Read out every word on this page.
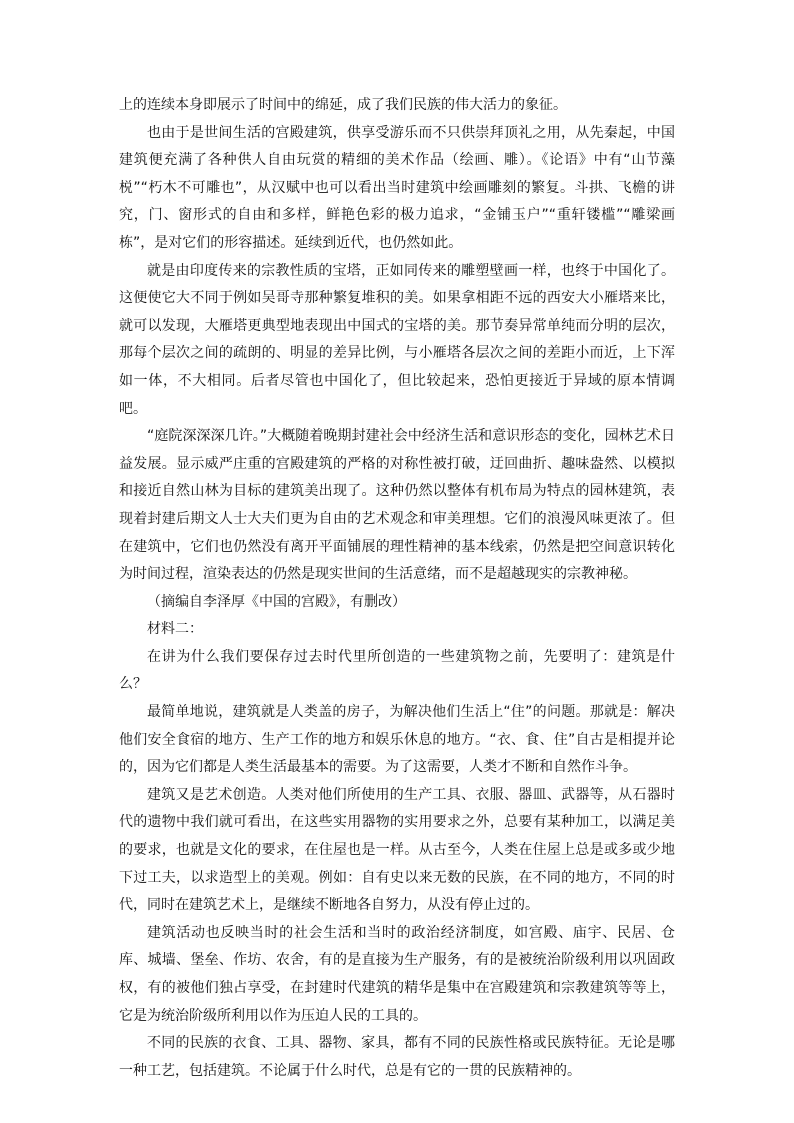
上的连续本身即展示了时间中的绵延，成了我们民族的伟大活力的象征。

也由于是世间生活的宫殿建筑，供享受游乐而不只供崇拜顶礼之用，从先秦起，中国建筑便充满了各种供人自由玩赏的精细的美术作品（绘画、雕）。《论语》中有“山节藻棁”“朽木不可雕也”，从汉赋中也可以看出当时建筑中绘画雕刻的繁复。斗拱、飞檐的讲究，门、窗形式的自由和多样，鲜艳色彩的极力追求，“金铺玉户”“重轩镂槛”“雕梁画栋”，是对它们的形容描述。延续到近代，也仍然如此。

就是由印度传来的宗教性质的宝塔，正如同传来的雕塑壁画一样，也终于中国化了。这便使它大不同于例如吴哥寺那种繁复堆积的美。如果拿相距不远的西安大小雁塔来比，就可以发现，大雁塔更典型地表现出中国式的宝塔的美。那节奏异常单纯而分明的层次，那每个层次之间的疏朗的、明显的差异比例，与小雁塔各层次之间的差距小而近，上下浑如一体，不大相同。后者尽管也中国化了，但比较起来，恐怕更接近于异域的原本情调吧。

“庭院深深深几许。”大概随着晚期封建社会中经济生活和意识形态的变化，园林艺术日益发展。显示威严庄重的宫殿建筑的严格的对称性被打破，迂回曲折、趣味盎然、以模拟和接近自然山林为目标的建筑美出现了。这种仍然以整体有机布局为特点的园林建筑，表现着封建后期文人士大夫们更为自由的艺术观念和审美理想。它们的浪漫风味更浓了。但在建筑中，它们也仍然没有离开平面铺展的理性精神的基本线索，仍然是把空间意识转化为时间过程，渲染表达的仍然是现实世间的生活意绪，而不是超越现实的宗教神秘。

（摘编自李泽厚《中国的宫殿》，有删改）

材料二：

在讲为什么我们要保存过去时代里所创造的一些建筑物之前，先要明了：建筑是什么？

最简单地说，建筑就是人类盖的房子，为解决他们生活上“住”的问题。那就是：解决他们安全食宿的地方、生产工作的地方和娱乐休息的地方。“衣、食、住”自古是相提并论的，因为它们都是人类生活最基本的需要。为了这需要，人类才不断和自然作斗争。

建筑又是艺术创造。人类对他们所使用的生产工具、衣服、器皿、武器等，从石器时代的遗物中我们就可看出，在这些实用器物的实用要求之外，总要有某种加工，以满足美的要求，也就是文化的要求，在住屋也是一样。从古至今，人类在住屋上总是或多或少地下过工夫，以求造型上的美观。例如：自有史以来无数的民族，在不同的地方，不同的时代，同时在建筑艺术上，是继续不断地各自努力，从没有停止过的。

建筑活动也反映当时的社会生活和当时的政治经济制度，如宫殿、庙宇、民居、仓库、城墙、堡垒、作坊、农舍，有的是直接为生产服务，有的是被统治阶级利用以巩固政权，有的被他们独占享受，在封建时代建筑的精华是集中在宫殿建筑和宗教建筑等等上，它是为统治阶级所利用以作为压迫人民的工具的。

不同的民族的衣食、工具、器物、家具，都有不同的民族性格或民族特征。无论是哪一种工艺，包括建筑。不论属于什么时代，总是有它的一贯的民族精神的。
